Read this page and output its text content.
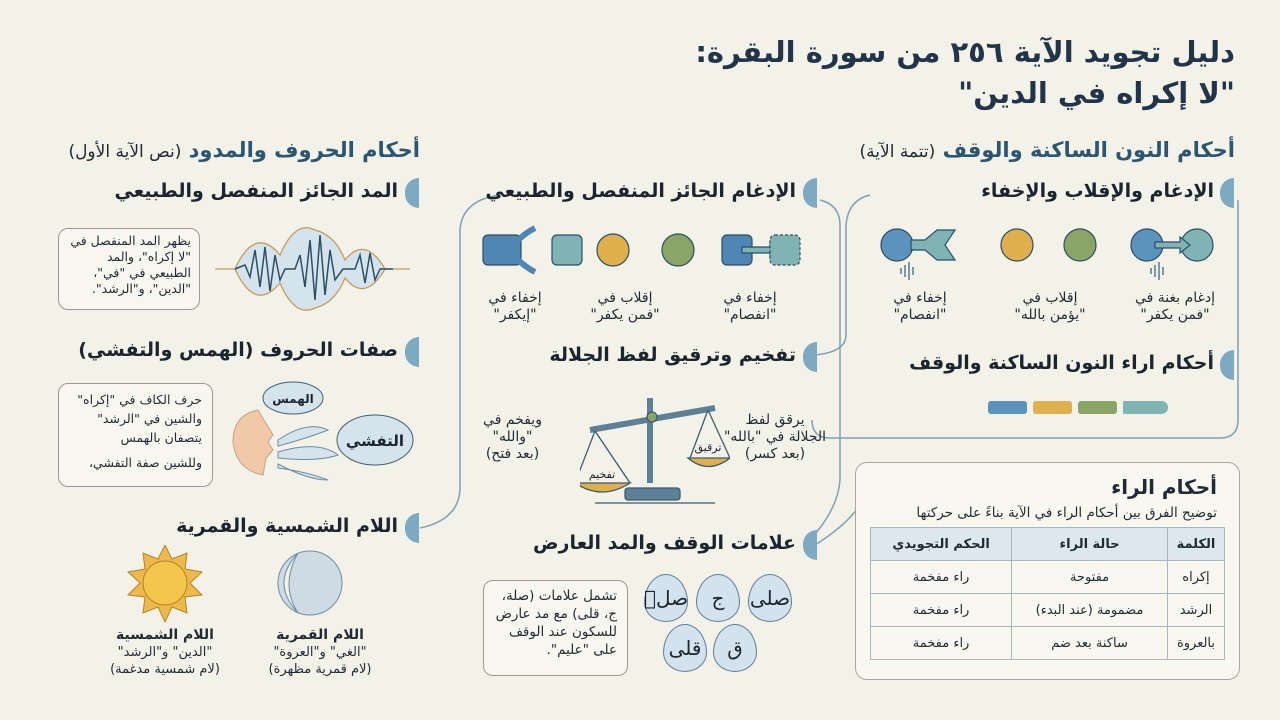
دليل تجويد الآية ٢٥٦ من سورة البقرة:
"لا إكراه في الدين"
أحكام النون الساكنة والوقف (تتمة الآية)
الإدغام والإقلاب والإخفاء
إدغام بغنة في
"فمن يكفر"
إقلاب في
"يؤمن بالله"
إخفاء في
"انفصام"
أحكام اراء النون الساكنة والوقف
أحكام الراء
توضيح الفرق بين أحكام الراء في الآية بناءً على حركتها
الكلمة	حالة الراء	الحكم التجويدي
إكراه	مفتوحة	راء مفخمة
الرشد	مضمومة (عند البدء)	راء مفخمة
بالعروة	ساكنة بعد ضم	راء مفخمة
الإدغام الجائز المنفصل والطبيعي
إخفاء في
"انفصام"
إقلاب في
"فمن يكفر"
إخفاء في
"إيكفر"
تفخيم وترقيق لفظ الجلالة
تفخيم
ترقيق
يرقق لفظ
الجلالة في "بالله"
(بعد كسر)
ويفخم في
"والله"
(بعد فتح)
علامات الوقف والمد العارض
تشمل علامات (صلة، ج، قلى) مع مد عارض للسكون عند الوقف على "عليم".
صلى
ج
صلۚ
ق
قلى
أحكام الحروف والمدود (نص الآية الأول)
المد الجائز المنفصل والطبيعي
يظهر المد المنفصل في "لا إكراه"، والمد الطبيعي في "في"، "الدين"، و"الرشد".
صفات الحروف (الهمس والتفشي)
حرف الكاف في "إكراه" والشين في "الرشد" يتصفان بالهمس
وللشين صفة التفشي،
الهمس
التفشي
اللام الشمسية والقمرية
اللام القمرية
"الغي" و"العروة"
(لام قمرية مظهرة)
اللام الشمسية
"الدين" و"الرشد"
(لام شمسية مدغمة)
